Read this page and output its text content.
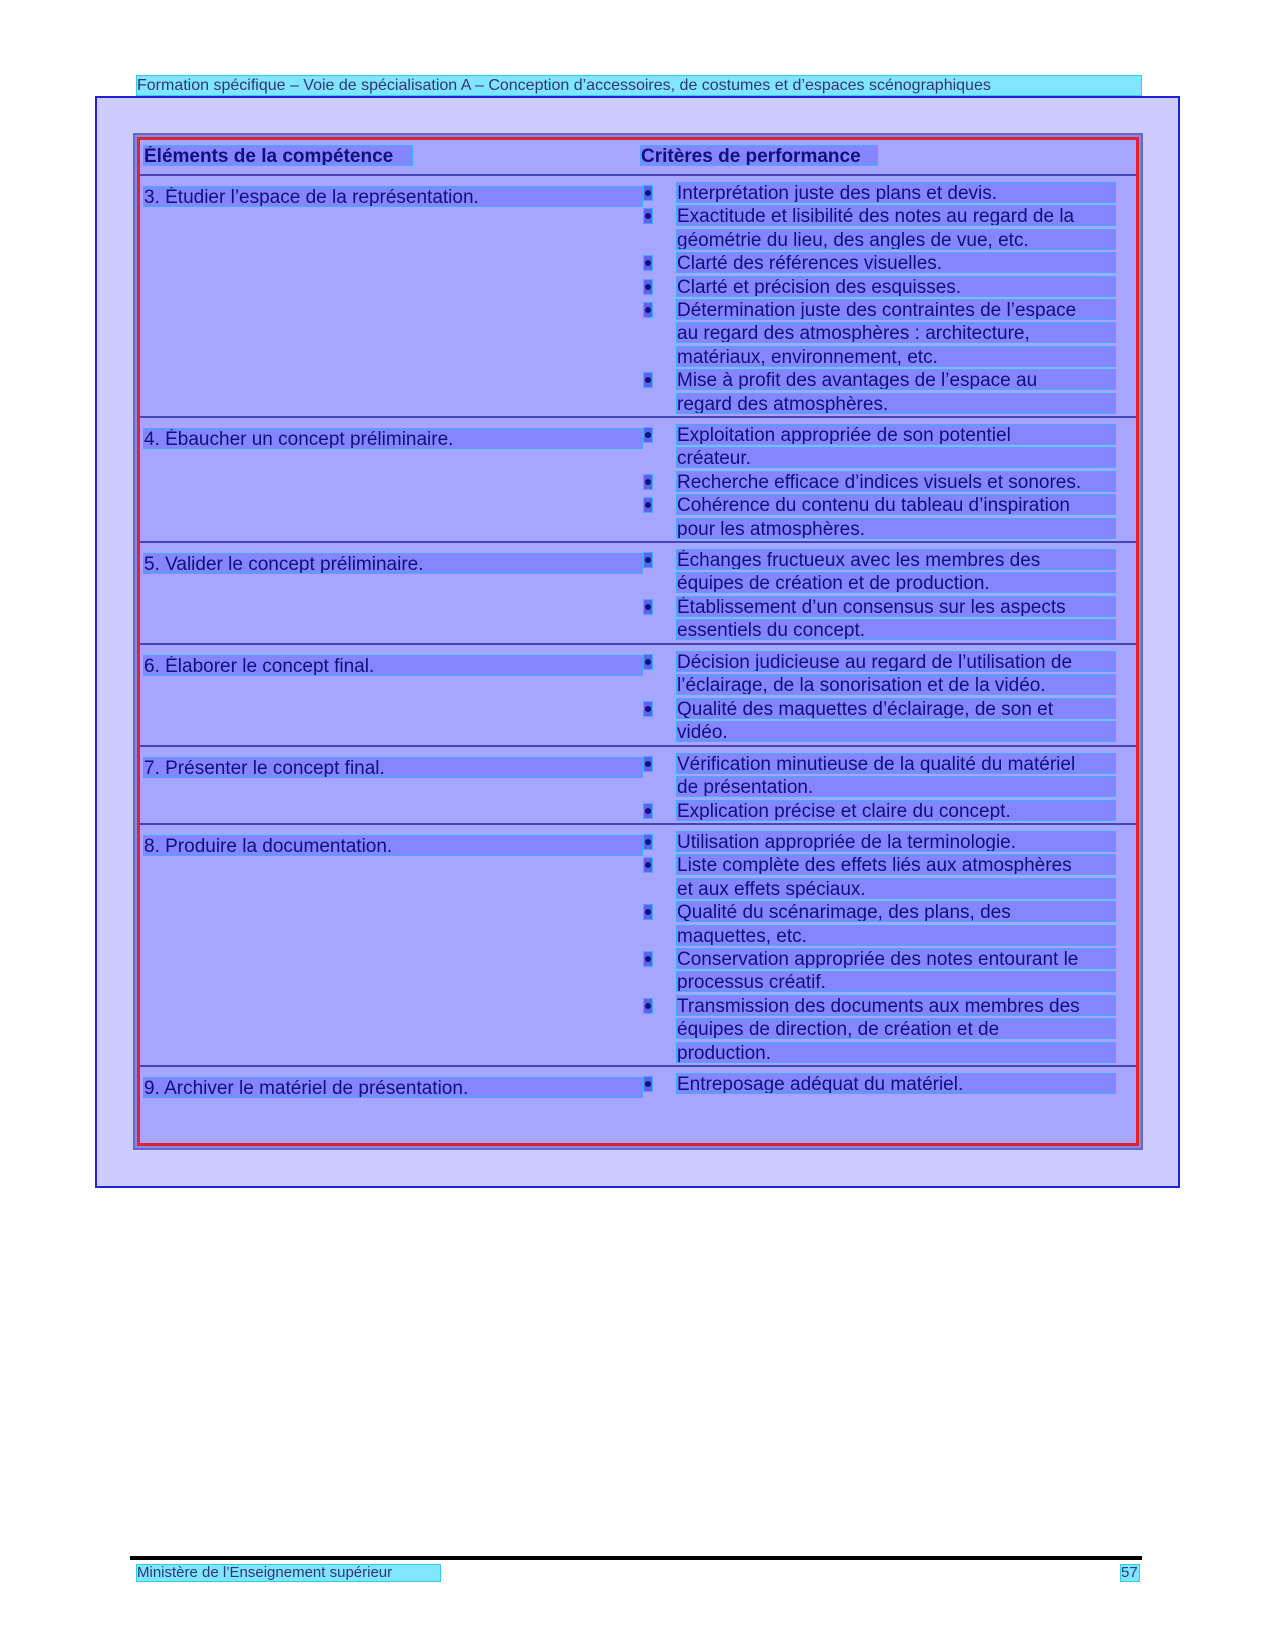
Formation spécifique – Voie de spécialisation A – Conception d’accessoires, de costumes et d’espaces scénographiques
Éléments de la compétence	Critères de performance
3. Étudier l’espace de la représentation.	Interprétation juste des plans et devis.
Exactitude et lisibilité des notes au regard de la
géométrie du lieu, des angles de vue, etc.
Clarté des références visuelles.
Clarté et précision des esquisses.
Détermination juste des contraintes de l’espace
au regard des atmosphères : architecture,
matériaux, environnement, etc.
Mise à profit des avantages de l’espace au
regard des atmosphères.
4. Ébaucher un concept préliminaire.	Exploitation appropriée de son potentiel
créateur.
Recherche efficace d’indices visuels et sonores.
Cohérence du contenu du tableau d’inspiration
pour les atmosphères.
5. Valider le concept préliminaire.	Échanges fructueux avec les membres des
équipes de création et de production.
Établissement d’un consensus sur les aspects
essentiels du concept.
6. Élaborer le concept final.	Décision judicieuse au regard de l’utilisation de
l’éclairage, de la sonorisation et de la vidéo.
Qualité des maquettes d’éclairage, de son et
vidéo.
7. Présenter le concept final.	Vérification minutieuse de la qualité du matériel
de présentation.
Explication précise et claire du concept.
8. Produire la documentation.	Utilisation appropriée de la terminologie.
Liste complète des effets liés aux atmosphères
et aux effets spéciaux.
Qualité du scénarimage, des plans, des
maquettes, etc.
Conservation appropriée des notes entourant le
processus créatif.
Transmission des documents aux membres des
équipes de direction, de création et de
production.
9. Archiver le matériel de présentation.	Entreposage adéquat du matériel.
Ministère de l’Enseignement supérieur	57
